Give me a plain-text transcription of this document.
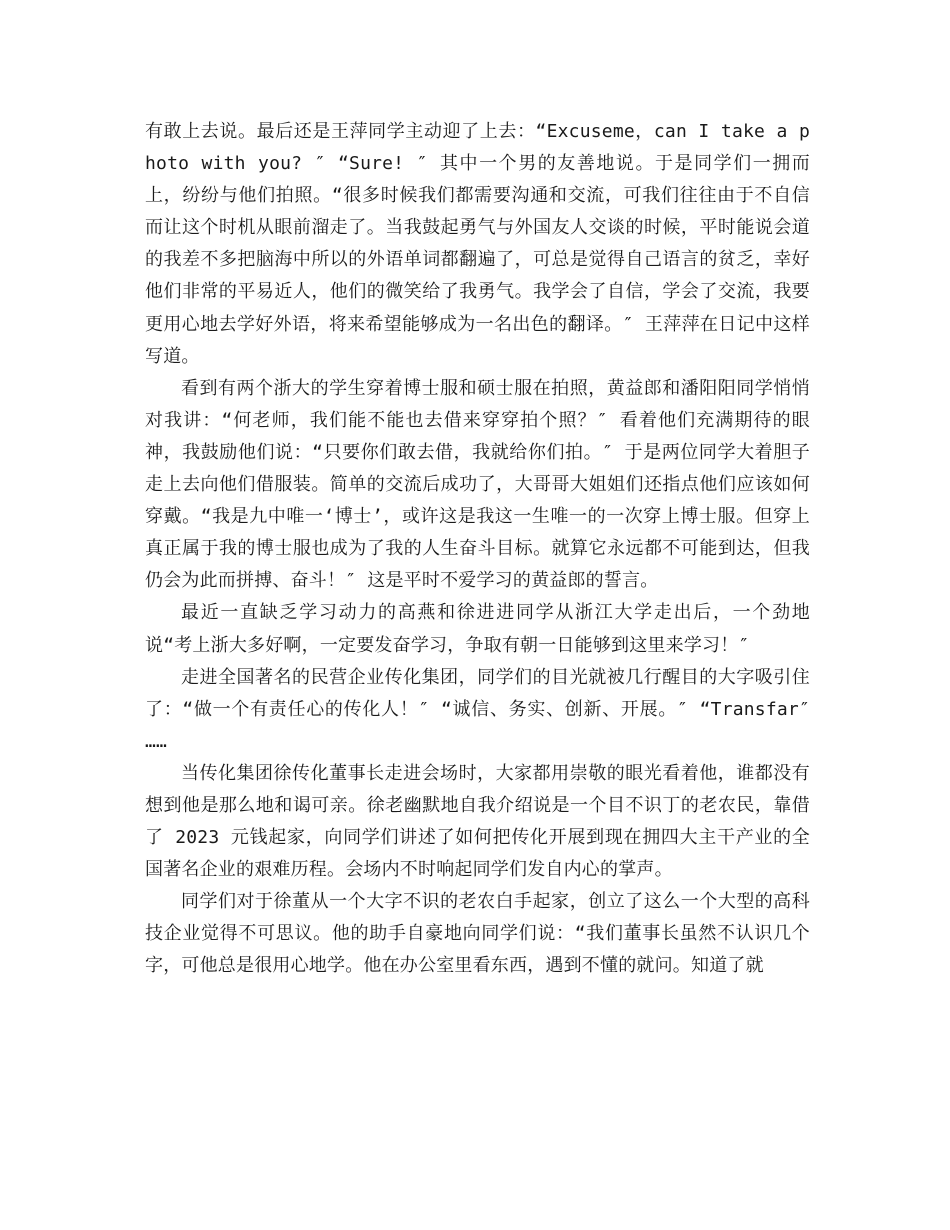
有敢上去说。最后还是王萍同学主动迎了上去：“Excuseme，can I take a photo with you? ″ “Sure! ″ 其中一个男的友善地说。于是同学们一拥而上，纷纷与他们拍照。“很多时候我们都需要沟通和交流，可我们往往由于不自信而让这个时机从眼前溜走了。当我鼓起勇气与外国友人交谈的时候，平时能说会道的我差不多把脑海中所以的外语单词都翻遍了，可总是觉得自己语言的贫乏，幸好他们非常的平易近人，他们的微笑给了我勇气。我学会了自信，学会了交流，我要更用心地去学好外语，将来希望能够成为一名出色的翻译。″ 王萍萍在日记中这样写道。

看到有两个浙大的学生穿着博士服和硕士服在拍照，黄益郎和潘阳阳同学悄悄对我讲：“何老师，我们能不能也去借来穿穿拍个照？″ 看着他们充满期待的眼神，我鼓励他们说：“只要你们敢去借，我就给你们拍。″ 于是两位同学大着胆子走上去向他们借服装。简单的交流后成功了，大哥哥大姐姐们还指点他们应该如何穿戴。“我是九中唯一‘博士’，或许这是我这一生唯一的一次穿上博士服。但穿上真正属于我的博士服也成为了我的人生奋斗目标。就算它永远都不可能到达，但我仍会为此而拼搏、奋斗！″ 这是平时不爱学习的黄益郎的誓言。

最近一直缺乏学习动力的高燕和徐进进同学从浙江大学走出后，一个劲地说“考上浙大多好啊，一定要发奋学习，争取有朝一日能够到这里来学习！″

走进全国著名的民营企业传化集团，同学们的目光就被几行醒目的大字吸引住了：“做一个有责任心的传化人！″ “诚信、务实、创新、开展。″ “Transfar″ ……

当传化集团徐传化董事长走进会场时，大家都用崇敬的眼光看着他，谁都没有想到他是那么地和谒可亲。徐老幽默地自我介绍说是一个目不识丁的老农民，靠借了 2023 元钱起家，向同学们讲述了如何把传化开展到现在拥四大主干产业的全国著名企业的艰难历程。会场内不时响起同学们发自内心的掌声。

同学们对于徐董从一个大字不识的老农白手起家，创立了这么一个大型的高科技企业觉得不可思议。他的助手自豪地向同学们说：“我们董事长虽然不认识几个字，可他总是很用心地学。他在办公室里看东西，遇到不懂的就问。知道了就
